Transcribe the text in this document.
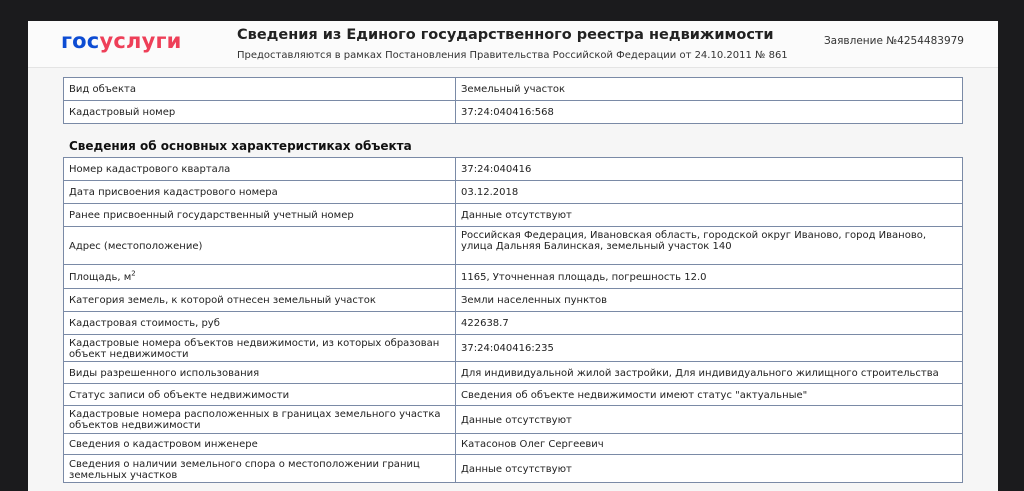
госуслуги	Сведения из Единого государственного реестра недвижимости
Предоставляются в рамках Постановления Правительства Российской Федерации от 24.10.2011 № 861
Заявление №4254483979
Вид объекта	Земельный участок
Кадастровый номер	37:24:040416:568
Сведения об основных характеристиках объекта
Номер кадастрового квартала	37:24:040416
Дата присвоения кадастрового номера	03.12.2018
Ранее присвоенный государственный учетный номер	Данные отсутствуют
Адрес (местоположение)	Российская Федерация, Ивановская область, городской округ Иваново, город Иваново, улица Дальняя Балинская, земельный участок 140
Площадь, $м^2$	1165, Уточненная площадь, погрешность 12.0
Категория земель, к которой отнесен земельный участок	Земли населенных пунктов
Кадастровая стоимость, руб	422638.7
Кадастровые номера объектов недвижимости, из которых образован объект недвижимости	37:24:040416:235
Виды разрешенного использования	Для индивидуальной жилой застройки, Для индивидуального жилищного строительства
Статус записи об объекте недвижимости	Сведения об объекте недвижимости имеют статус "актуальные"
Кадастровые номера расположенных в границах земельного участка объектов недвижимости	Данные отсутствуют
Сведения о кадастровом инженере	Катасонов Олег Сергеевич
Сведения о наличии земельного спора о местоположении границ земельных участков	Данные отсутствуют
